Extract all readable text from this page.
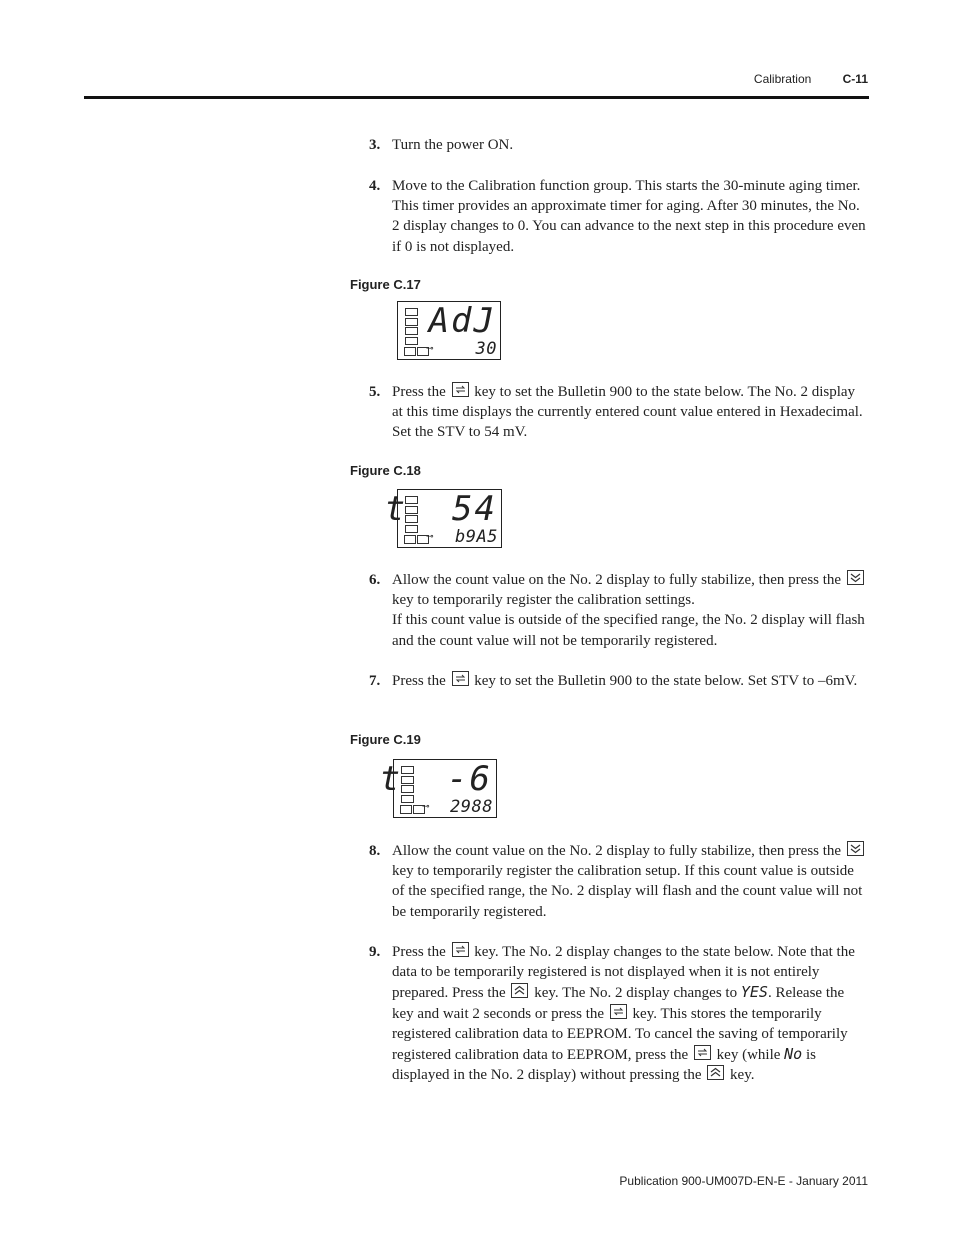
Calibration	C-11
3. Turn the power ON.

4. Move to the Calibration function group. This starts the 30-minute aging timer. This timer provides an approximate timer for aging. After 30 minutes, the No. 2 display changes to 0. You can advance to the next step in this procedure even if 0 is not displayed.

Figure C.17
⊸
AdJ
30
5. Press the key to set the Bulletin 900 to the state below. The No. 2 display at this time displays the currently entered count value entered in Hexadecimal. Set the STV to 54 mV.

Figure C.18
⊸
t  54
b9A5
6. Allow the count value on the No. 2 display to fully stabilize, then press the
key to temporarily register the calibration settings.

If this count value is outside of the specified range, the No. 2 display will flash and the count value will not be temporarily registered.

7. Press the key to set the Bulletin 900 to the state below. Set STV to –6mV.

Figure C.19
⊸
t  -6
2988
8. Allow the count value on the No. 2 display to fully stabilize, then press the
key to temporarily register the calibration setup. If this count value is outside of the specified range, the No. 2 display will flash and the count value will not be temporarily registered.

9. Press the key. The No. 2 display changes to the state below. Note that the data to be temporarily registered is not displayed when it is not entirely prepared. Press the key. The No. 2 display changes to YES. Release the key and wait 2 seconds or press the key. This stores the temporarily registered calibration data to EEPROM. To cancel the saving of temporarily registered calibration data to EEPROM, press the key (while No is displayed in the No. 2 display) without pressing the key.

Publication 900-UM007D-EN-E - January 2011
